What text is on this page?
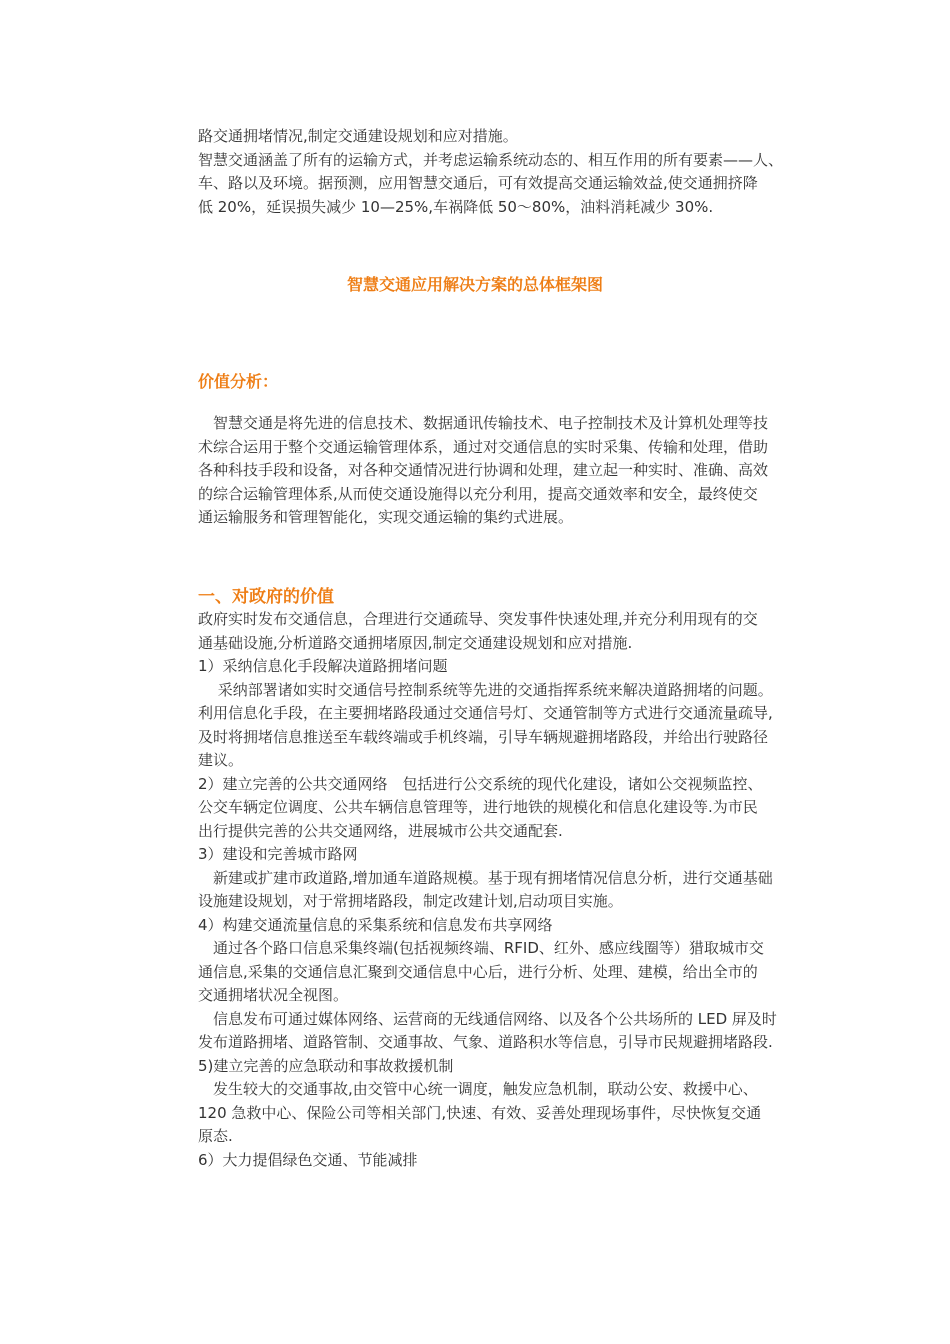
路交通拥堵情况,制定交通建设规划和应对措施。
智慧交通涵盖了所有的运输方式，并考虑运输系统动态的、相互作用的所有要素——人、
车、路以及环境。据预测，应用智慧交通后，可有效提高交通运输效益,使交通拥挤降
低 20%，延误损失减少 10—25%,车祸降低 50～80%，油料消耗减少 30%.
智慧交通应用解决方案的总体框架图
价值分析：
　智慧交通是将先进的信息技术、数据通讯传输技术、电子控制技术及计算机处理等技
术综合运用于整个交通运输管理体系，通过对交通信息的实时采集、传输和处理，借助
各种科技手段和设备，对各种交通情况进行协调和处理，建立起一种实时、准确、高效
的综合运输管理体系,从而使交通设施得以充分利用，提高交通效率和安全，最终使交
通运输服务和管理智能化，实现交通运输的集约式进展。
一、对政府的价值
政府实时发布交通信息，合理进行交通疏导、突发事件快速处理,并充分利用现有的交
通基础设施,分析道路交通拥堵原因,制定交通建设规划和应对措施.
1）采纳信息化手段解决道路拥堵问题
　 采纳部署诸如实时交通信号控制系统等先进的交通指挥系统来解决道路拥堵的问题。
利用信息化手段，在主要拥堵路段通过交通信号灯、交通管制等方式进行交通流量疏导,
及时将拥堵信息推送至车载终端或手机终端，引导车辆规避拥堵路段，并给出行驶路径
建议。
2）建立完善的公共交通网络　包括进行公交系统的现代化建设，诸如公交视频监控、
公交车辆定位调度、公共车辆信息管理等，进行地铁的规模化和信息化建设等.为市民
出行提供完善的公共交通网络，进展城市公共交通配套.
3）建设和完善城市路网
　新建或扩建市政道路,增加通车道路规模。基于现有拥堵情况信息分析，进行交通基础
设施建设规划，对于常拥堵路段，制定改建计划,启动项目实施。
4）构建交通流量信息的采集系统和信息发布共享网络
　通过各个路口信息采集终端(包括视频终端、RFID、红外、感应线圈等）猎取城市交
通信息,采集的交通信息汇聚到交通信息中心后，进行分析、处理、建模，给出全市的
交通拥堵状况全视图。
　信息发布可通过媒体网络、运营商的无线通信网络、以及各个公共场所的 LED 屏及时
发布道路拥堵、道路管制、交通事故、气象、道路积水等信息，引导市民规避拥堵路段.
5)建立完善的应急联动和事故救援机制
　发生较大的交通事故,由交管中心统一调度，触发应急机制，联动公安、救援中心、
120 急救中心、保险公司等相关部门,快速、有效、妥善处理现场事件，尽快恢复交通
原态.
6）大力提倡绿色交通、节能减排
